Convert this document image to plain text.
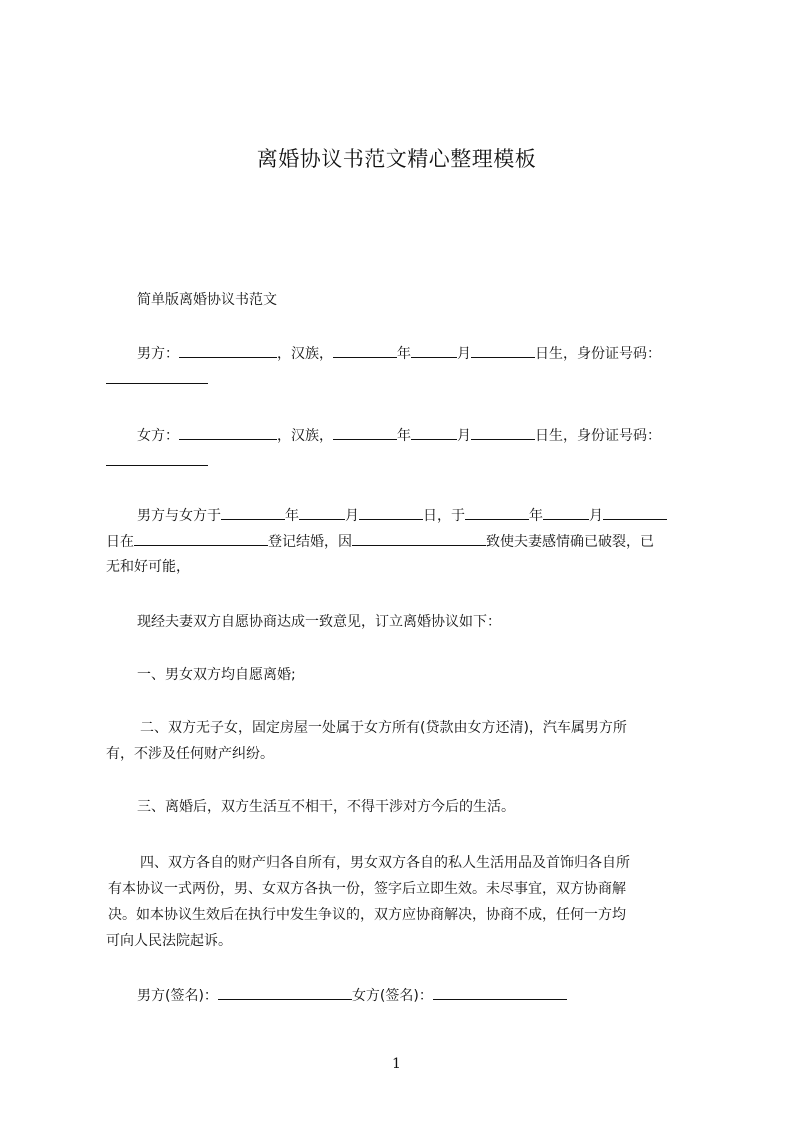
离婚协议书范文精心整理模板

简单版离婚协议书范文

男方：	，汉族，	年	月	日生，身份证号码：

女方：	，汉族，	年	月	日生，身份证号码：

男方与女方于	年	月	日，于	年	月

日在	登记结婚，因	致使夫妻感情确已破裂，已

无和好可能，

现经夫妻双方自愿协商达成一致意见，订立离婚协议如下：

一、男女双方均自愿离婚;

二、双方无子女，固定房屋一处属于女方所有(贷款由女方还清)，汽车属男方所

有，不涉及任何财产纠纷。

三、离婚后，双方生活互不相干，不得干涉对方今后的生活。

四、双方各自的财产归各自所有，男女双方各自的私人生活用品及首饰归各自所

有本协议一式两份，男、女双方各执一份，签字后立即生效。未尽事宜，双方协商解

决。如本协议生效后在执行中发生争议的，双方应协商解决，协商不成，任何一方均

可向人民法院起诉。

男方(签名)：	女方(签名)：

1
